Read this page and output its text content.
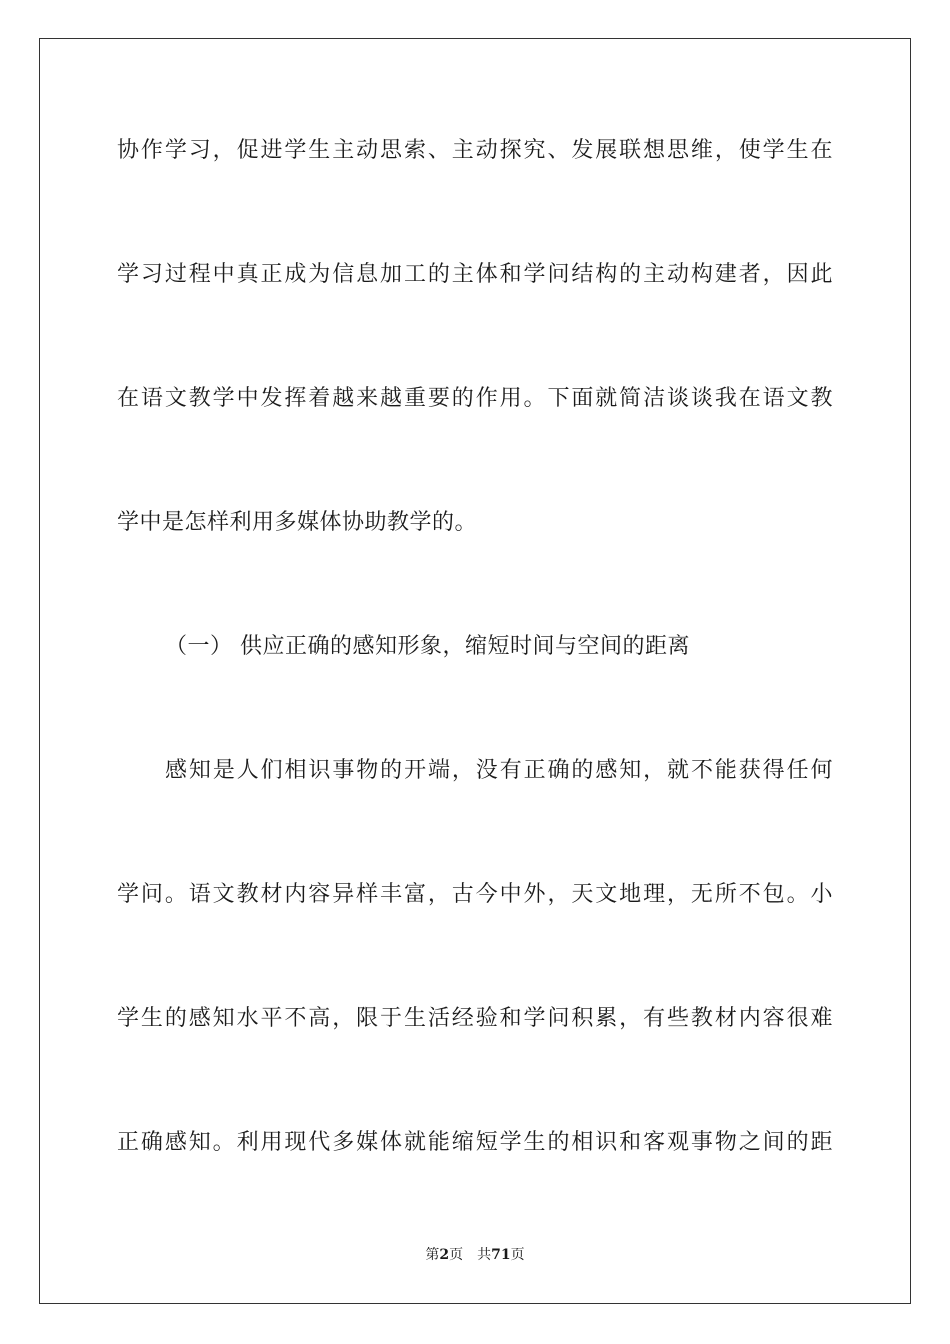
协作学习，促进学生主动思索、主动探究、发展联想思维，使学生在
学习过程中真正成为信息加工的主体和学问结构的主动构建者，因此
在语文教学中发挥着越来越重要的作用。下面就简洁谈谈我在语文教
学中是怎样利用多媒体协助教学的。
（一） 供应正确的感知形象，缩短时间与空间的距离
感知是人们相识事物的开端，没有正确的感知，就不能获得任何
学问。语文教材内容异样丰富，古今中外，天文地理，无所不包。小
学生的感知水平不高，限于生活经验和学问积累，有些教材内容很难
正确感知。利用现代多媒体就能缩短学生的相识和客观事物之间的距
第2页 共71页
